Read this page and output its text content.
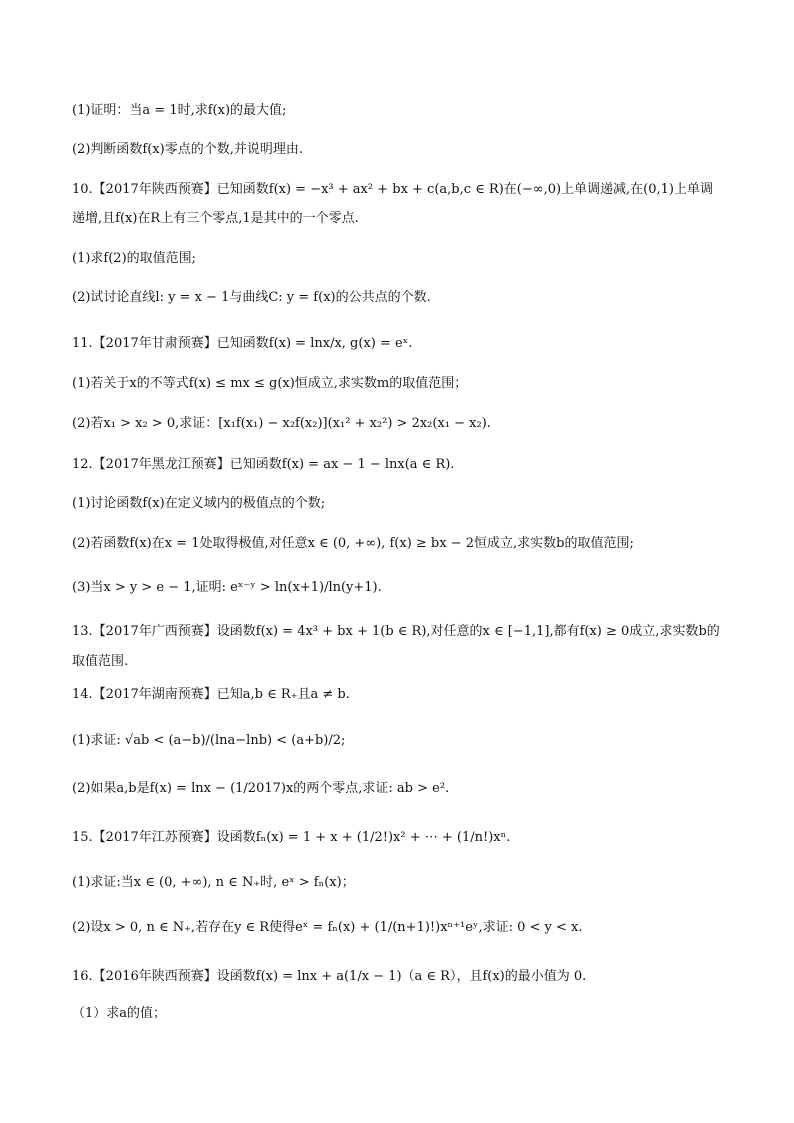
(1)证明：当a = 1时,求f(x)的最大值;
(2)判断函数f(x)零点的个数,并说明理由.
10.【2017年陕西预赛】已知函数f(x) = −x³ + ax² + bx + c(a,b,c ∈ R)在(−∞,0)上单调递减,在(0,1)上单调
递增,且f(x)在R上有三个零点,1是其中的一个零点.
(1)求f(2)的取值范围;
(2)试讨论直线l: y = x − 1与曲线C: y = f(x)的公共点的个数.
11.【2017年甘肃预赛】已知函数f(x) = lnx/x, g(x) = eˣ.
(1)若关于x的不等式f(x) ≤ mx ≤ g(x)恒成立,求实数m的取值范围；
(2)若x₁ > x₂ > 0,求证：[x₁f(x₁) − x₂f(x₂)](x₁² + x₂²) > 2x₂(x₁ − x₂).
12.【2017年黑龙江预赛】已知函数f(x) = ax − 1 − lnx(a ∈ R).
(1)讨论函数f(x)在定义域内的极值点的个数;
(2)若函数f(x)在x = 1处取得极值,对任意x ∈ (0, +∞), f(x) ≥ bx − 2恒成立,求实数b的取值范围;
(3)当x > y > e − 1,证明: eˣ⁻ʸ > ln(x+1)/ln(y+1).
13.【2017年广西预赛】设函数f(x) = 4x³ + bx + 1(b ∈ R),对任意的x ∈ [−1,1],都有f(x) ≥ 0成立,求实数b的
取值范围.
14.【2017年湖南预赛】已知a,b ∈ R₊且a ≠ b.
(1)求证: √ab < (a−b)/(lna−lnb) < (a+b)/2;
(2)如果a,b是f(x) = lnx − (1/2017)x的两个零点,求证: ab > e².
15.【2017年江苏预赛】设函数fₙ(x) = 1 + x + (1/2!)x² + ⋯ + (1/n!)xⁿ.
(1)求证:当x ∈ (0, +∞), n ∈ N₊时, eˣ > fₙ(x)；
(2)设x > 0, n ∈ N₊,若存在y ∈ R使得eˣ = fₙ(x) + (1/(n+1)!)xⁿ⁺¹eʸ,求证: 0 < y < x.
16.【2016年陕西预赛】设函数f(x) = lnx + a(1/x − 1)（a ∈ R），且f(x)的最小值为 0.
（1）求a的值；
